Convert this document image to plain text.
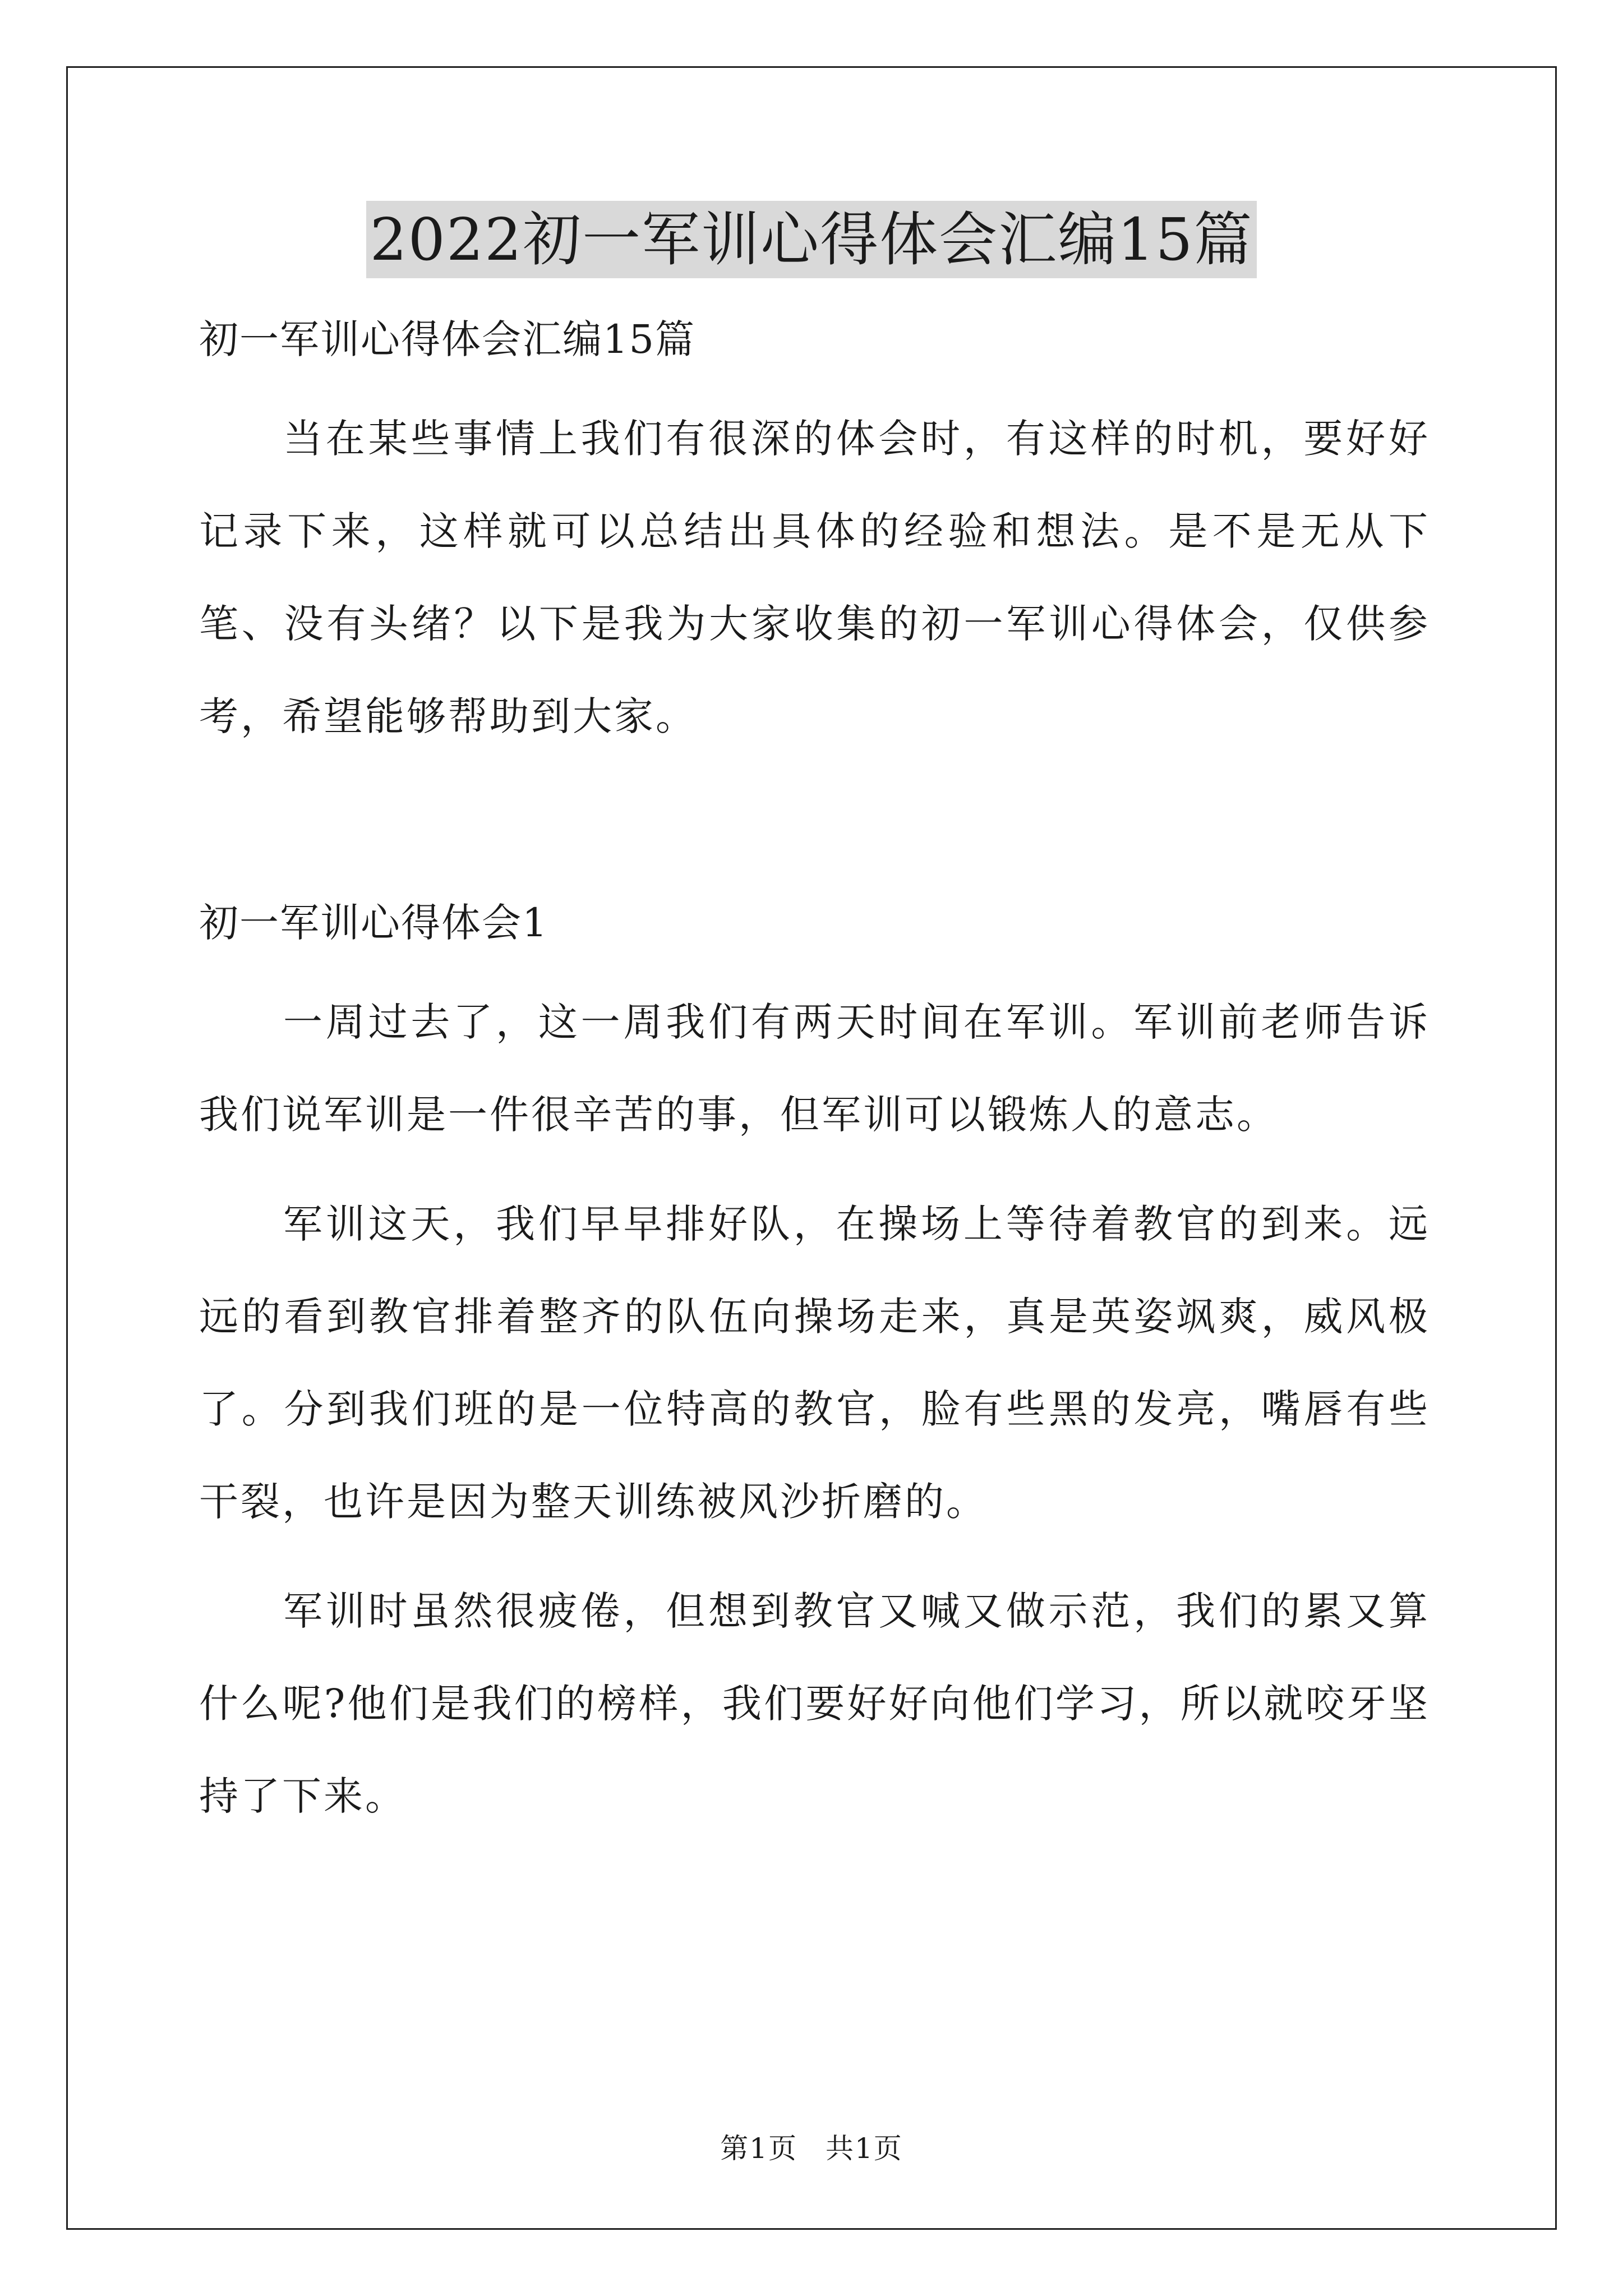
2022初一军训心得体会汇编15篇
初一军训心得体会汇编15篇

当在某些事情上我们有很深的体会时，有这样的时机，要好好记录下来，这样就可以总结出具体的经验和想法。是不是无从下笔、没有头绪？以下是我为大家收集的初一军训心得体会，仅供参考，希望能够帮助到大家。

初一军训心得体会1

一周过去了，这一周我们有两天时间在军训。军训前老师告诉我们说军训是一件很辛苦的事，但军训可以锻炼人的意志。

军训这天，我们早早排好队，在操场上等待着教官的到来。远远的看到教官排着整齐的队伍向操场走来，真是英姿飒爽，威风极了。分到我们班的是一位特高的教官，脸有些黑的发亮，嘴唇有些干裂，也许是因为整天训练被风沙折磨的。

军训时虽然很疲倦，但想到教官又喊又做示范，我们的累又算什么呢?他们是我们的榜样，我们要好好向他们学习，所以就咬牙坚持了下来。

第1页 共1页
